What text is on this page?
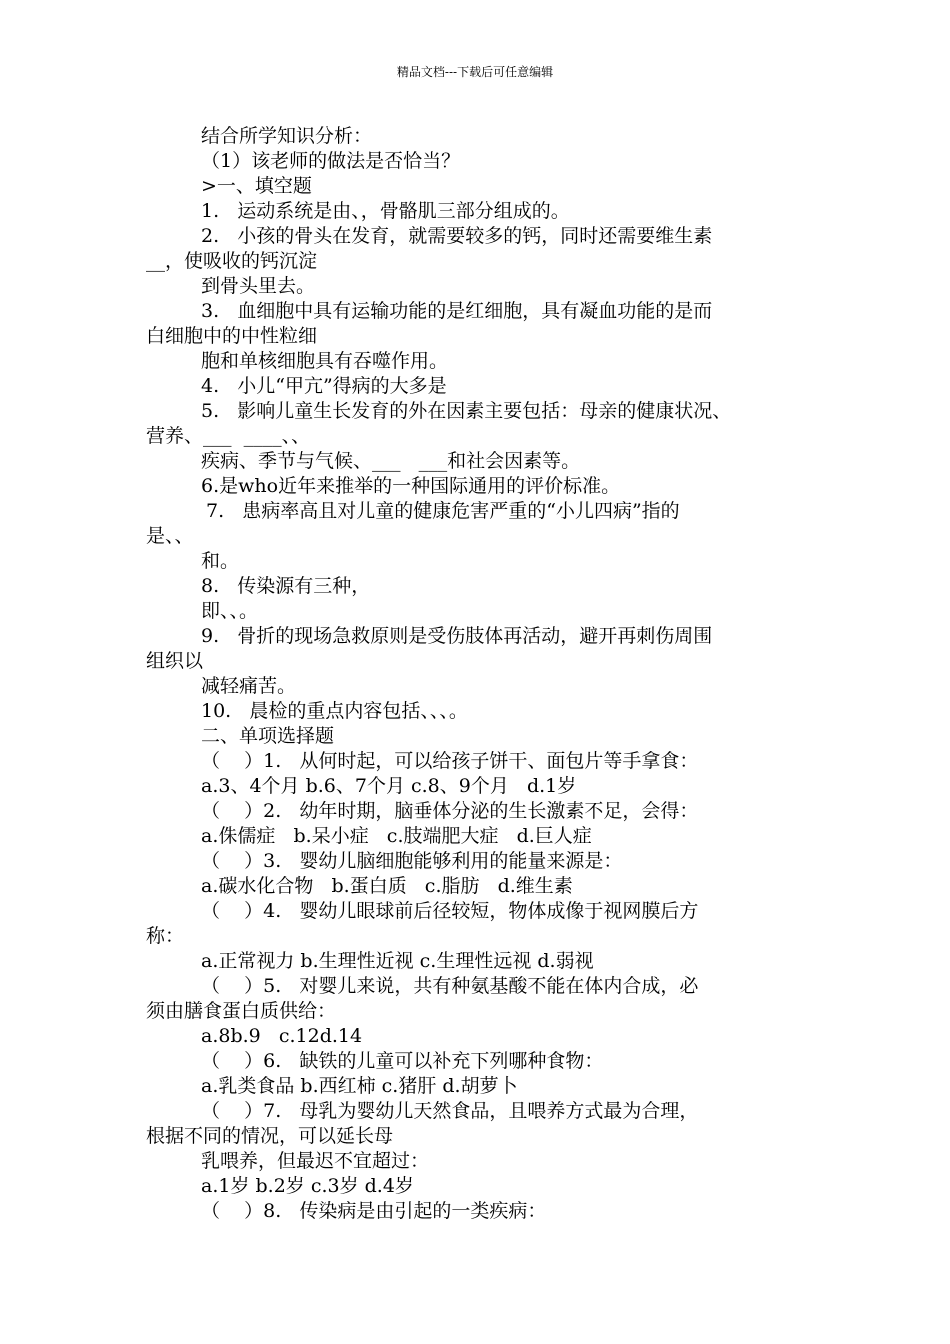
精品文档---下载后可任意编辑
结合所学知识分析：
（1）该老师的做法是否恰当？
>一、填空题
1.   运动系统是由、，骨骼肌三部分组成的。
2.   小孩的骨头在发育，就需要较多的钙，同时还需要维生素
__，使吸收的钙沉淀
到骨头里去。
3.   血细胞中具有运输功能的是红细胞，具有凝血功能的是而
白细胞中的中性粒细
胞和单核细胞具有吞噬作用。
4.   小儿“甲亢”得病的大多是
5.   影响儿童生长发育的外在因素主要包括：母亲的健康状况、
营养、___  ____、、
疾病、季节与气候、___   ___和社会因素等。
6.是who近年来推举的一种国际通用的评价标准。
7.   患病率高且对儿童的健康危害严重的“小儿四病”指的
是、、
和。
8.   传染源有三种，
即、、。
9.   骨折的现场急救原则是受伤肢体再活动，避开再刺伤周围
组织以
减轻痛苦。
10.   晨检的重点内容包括、、、。
二、单项选择题
（    ）1.   从何时起，可以给孩子饼干、面包片等手拿食：
a.3、4个月 b.6、7个月 c.8、9个月   d.1岁
（    ）2.   幼年时期，脑垂体分泌的生长激素不足，会得：
a.侏儒症   b.呆小症   c.肢端肥大症   d.巨人症
（    ）3.   婴幼儿脑细胞能够利用的能量来源是：
a.碳水化合物   b.蛋白质   c.脂肪   d.维生素
（    ）4.   婴幼儿眼球前后径较短，物体成像于视网膜后方
称：
a.正常视力 b.生理性近视 c.生理性远视 d.弱视
（    ）5.   对婴儿来说，共有种氨基酸不能在体内合成，必
须由膳食蛋白质供给：
a.8b.9   c.12d.14
（    ）6.   缺铁的儿童可以补充下列哪种食物：
a.乳类食品 b.西红柿 c.猪肝 d.胡萝卜
（    ）7.   母乳为婴幼儿天然食品，且喂养方式最为合理，
根据不同的情况，可以延长母
乳喂养，但最迟不宜超过：
a.1岁 b.2岁 c.3岁 d.4岁
（    ）8.   传染病是由引起的一类疾病：
